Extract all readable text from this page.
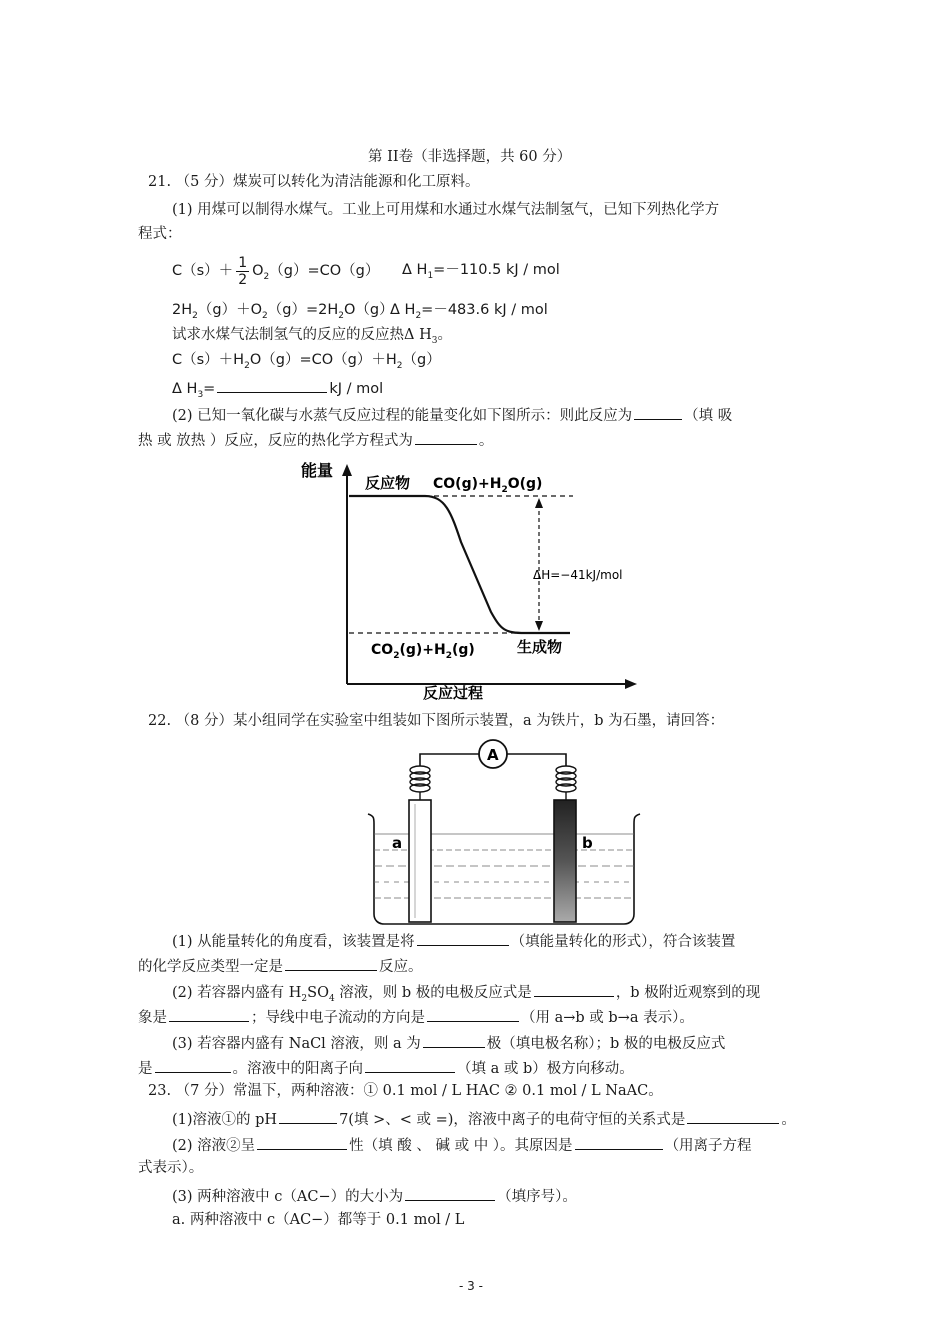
第 II卷（非选择题，共 60 分）
21. （5 分）煤炭可以转化为清洁能源和化工原料。
(1) 用煤可以制得水煤气。工业上可用煤和水通过水煤气法制氢气，已知下列热化学方
程式：
$C(s)+ \frac{1}{2} O_2(g)=CO(g)$ Δ $H_1=-110.5$ kJ / mol
$2H_2(g)+O_2(g)=2H_2O(g)$
Δ $H_2=-483.6$ kJ / mol
试求水煤气法制氢气的反应的反应热Δ $H_3$。
$C(s)+H_2O(g)=CO(g)+H_2(g)$
Δ $H_3=$	kJ / mol
(2) 已知一氧化碳与水蒸气反应过程的能量变化如下图所示：则此反应为	（填 吸
热 或 放热 ）反应，反应的热化学方程式为	。
能量
反应过程
ΔH=−41kJ/mol
反应物 $CO(g)+H_2O(g)$
$CO_2(g)+H_2(g)$	生成物
22. （8 分）某小组同学在实验室中组装如下图所示装置，a 为铁片，b 为石墨，请回答：
A
a	b
(1) 从能量转化的角度看，该装置是将	（填能量转化的形式），符合该装置
的化学反应类型一定是	反应。
(2) 若容器内盛有 $H_2SO_4$ 溶液，则 b 极的电极反应式是	，b 极附近观察到的现
象是	；导线中电子流动的方向是	（用 a→b 或 b→a 表示）。
(3) 若容器内盛有 NaCl 溶液，则 a 为	极（填电极名称）；b 极的电极反应式
是	。溶液中的阳离子向	（填 a 或 b）极方向移动。
23. （7 分）常温下，两种溶液：① 0.1 mol / L HAC ② 0.1 mol / L NaAC。
(1)溶液①的 pH	7(填 >、< 或 =)，溶液中离子的电荷守恒的关系式是	。
(2) 溶液②呈	性（填 酸 、 碱 或 中 ）。其原因是	（用离子方程
式表示）。
(3) 两种溶液中 c（AC−）的大小为	（填序号）。
a. 两种溶液中 c（AC−）都等于 0.1 mol / L
- 3 -
